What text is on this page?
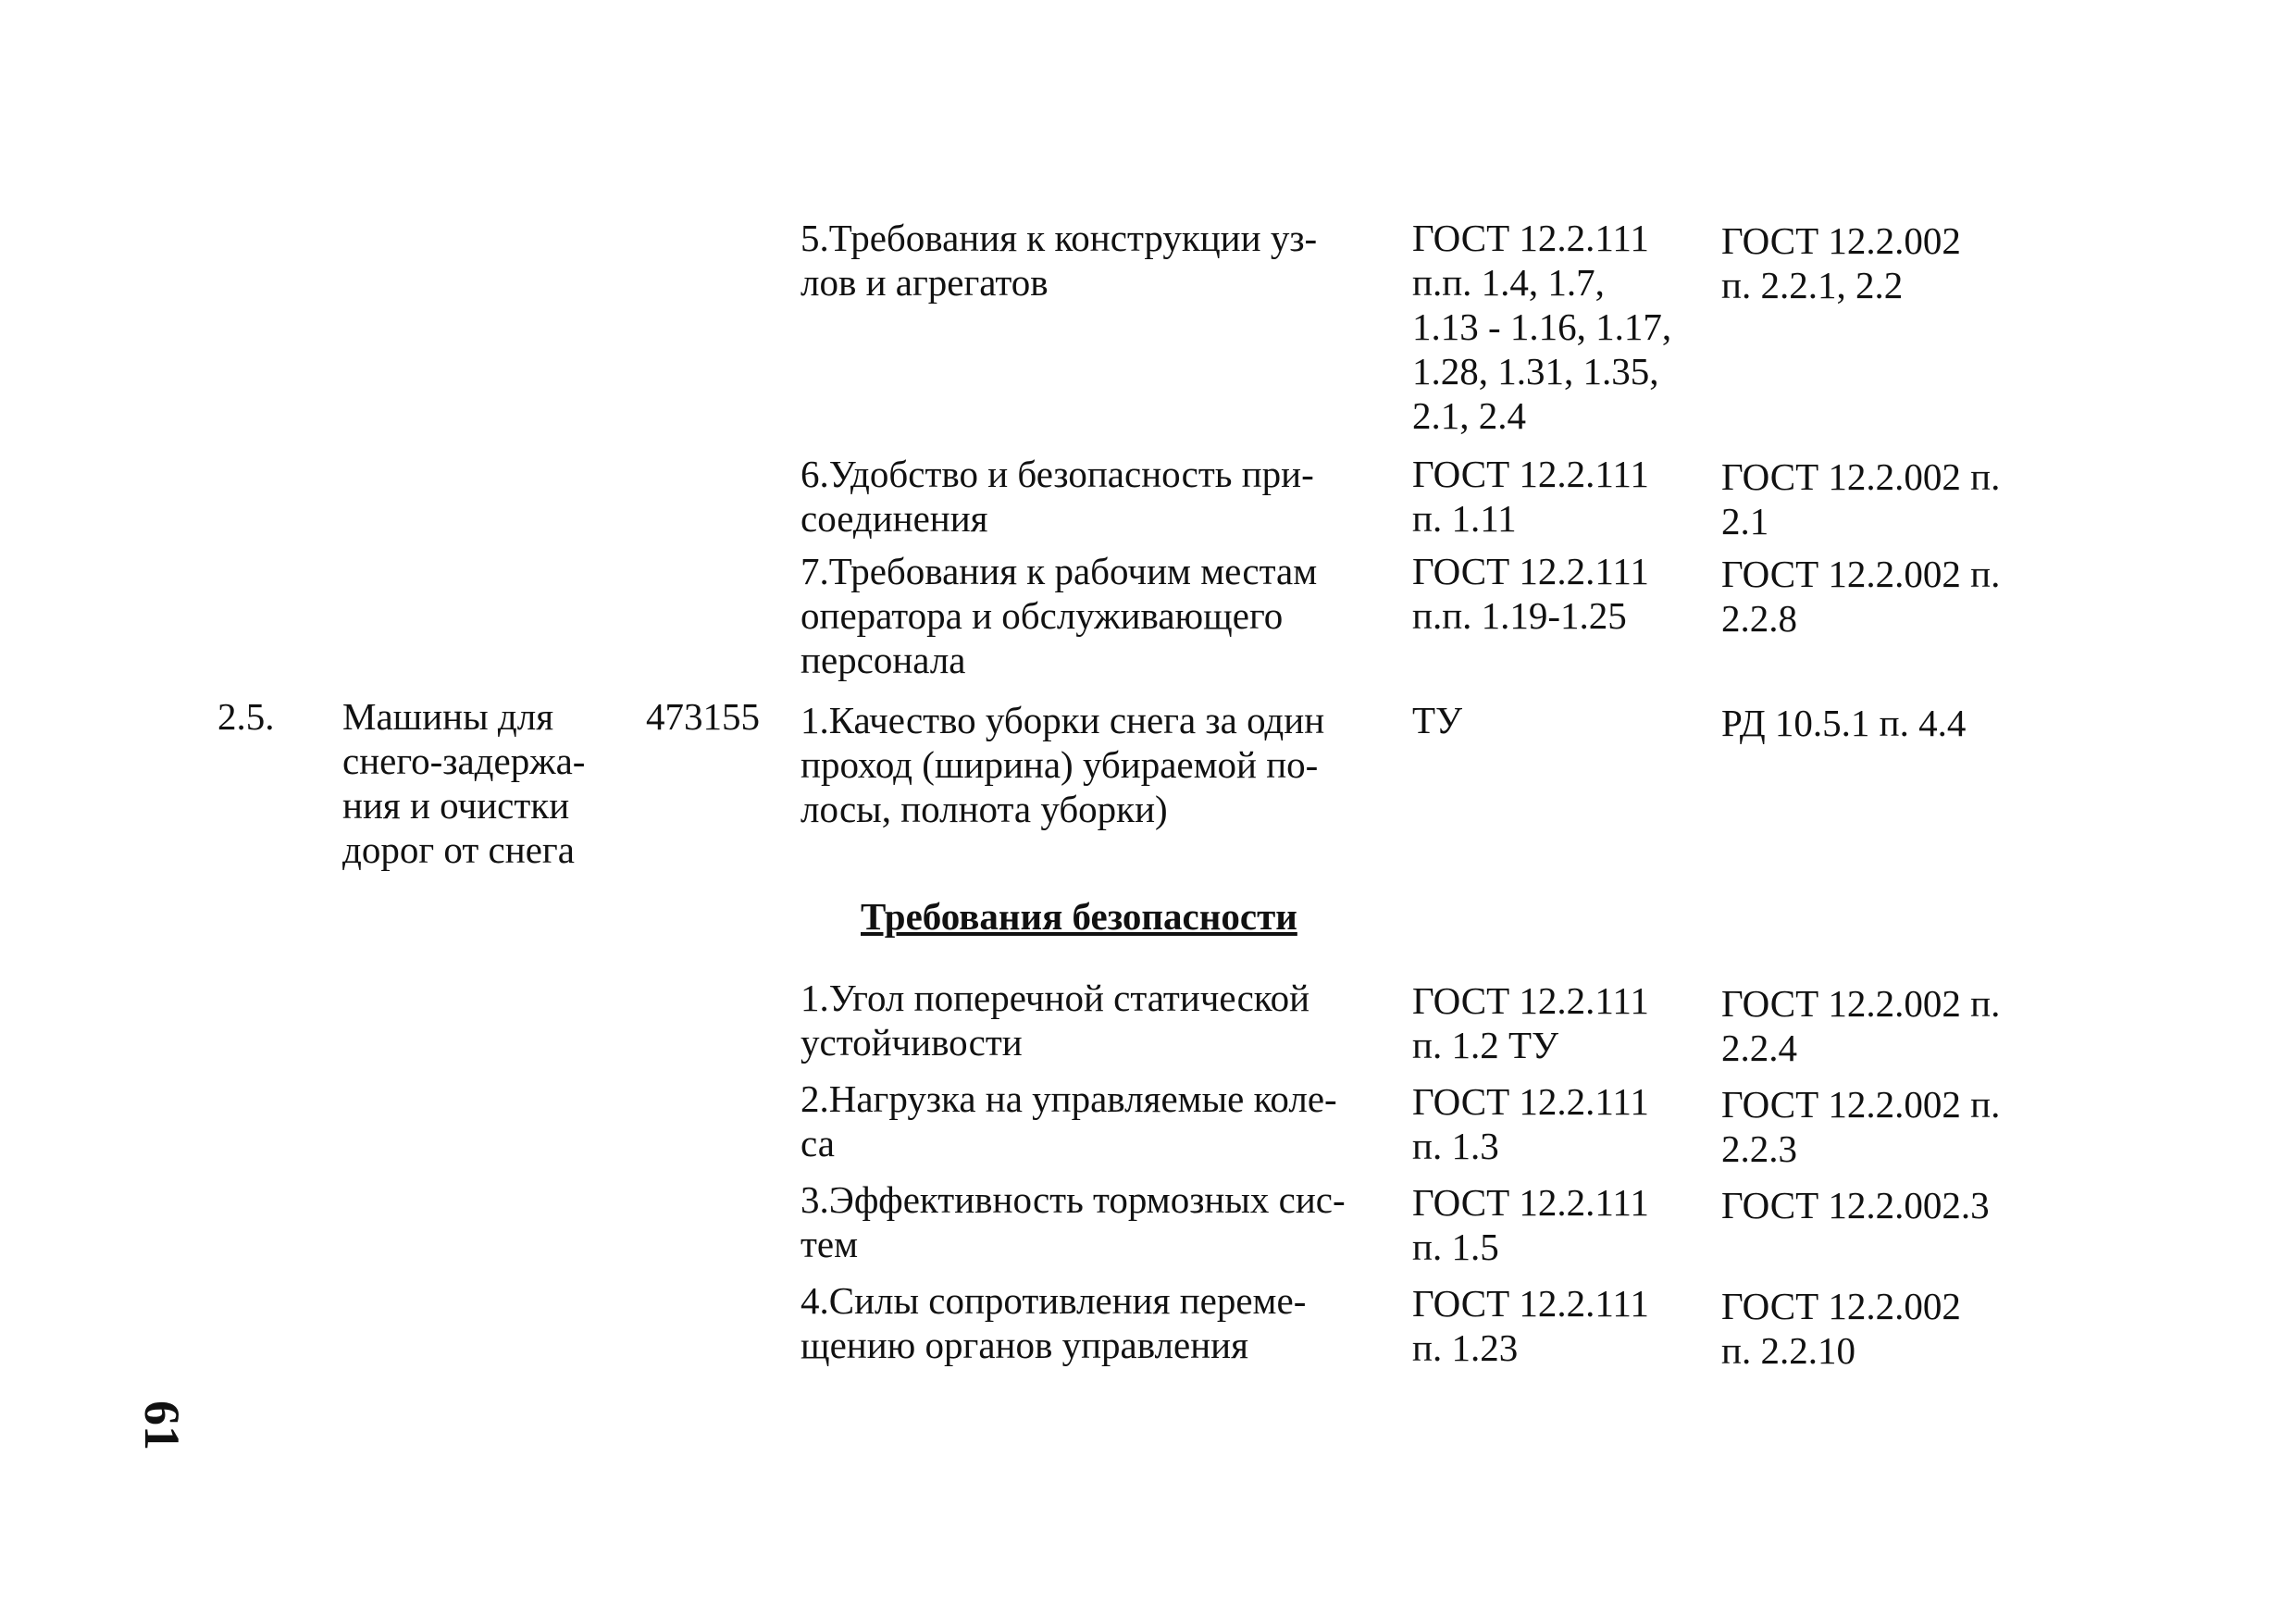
5.Требования к конструкции уз-
лов и агрегатов
ГОСТ 12.2.111
п.п. 1.4, 1.7,
1.13 - 1.16, 1.17,
1.28, 1.31, 1.35,
2.1, 2.4
ГОСТ 12.2.002
п. 2.2.1, 2.2
6.Удобство и безопасность при-
соединения
ГОСТ 12.2.111
п. 1.11
ГОСТ 12.2.002 п.
2.1
7.Требования к рабочим местам
оператора и обслуживающего
персонала
ГОСТ 12.2.111
п.п. 1.19-1.25
ГОСТ 12.2.002 п.
2.2.8
2.5. Машины для
снего-задержа-
ния и очистки
дорог от снега
473155 1.Качество уборки снега за один
проход (ширина) убираемой по-
лосы, полнота уборки)
ТУ	РД 10.5.1 п. 4.4
Требования безопасности
1.Угол поперечной статической
устойчивости
ГОСТ 12.2.111
п. 1.2 ТУ
ГОСТ 12.2.002 п.
2.2.4
2.Нагрузка на управляемые коле-
са
ГОСТ 12.2.111
п. 1.3
ГОСТ 12.2.002 п.
2.2.3
3.Эффективность тормозных сис-
тем
ГОСТ 12.2.111
п. 1.5
ГОСТ 12.2.002.3
4.Силы сопротивления переме-
щению органов управления
ГОСТ 12.2.111
п. 1.23
ГОСТ 12.2.002
п. 2.2.10
61
